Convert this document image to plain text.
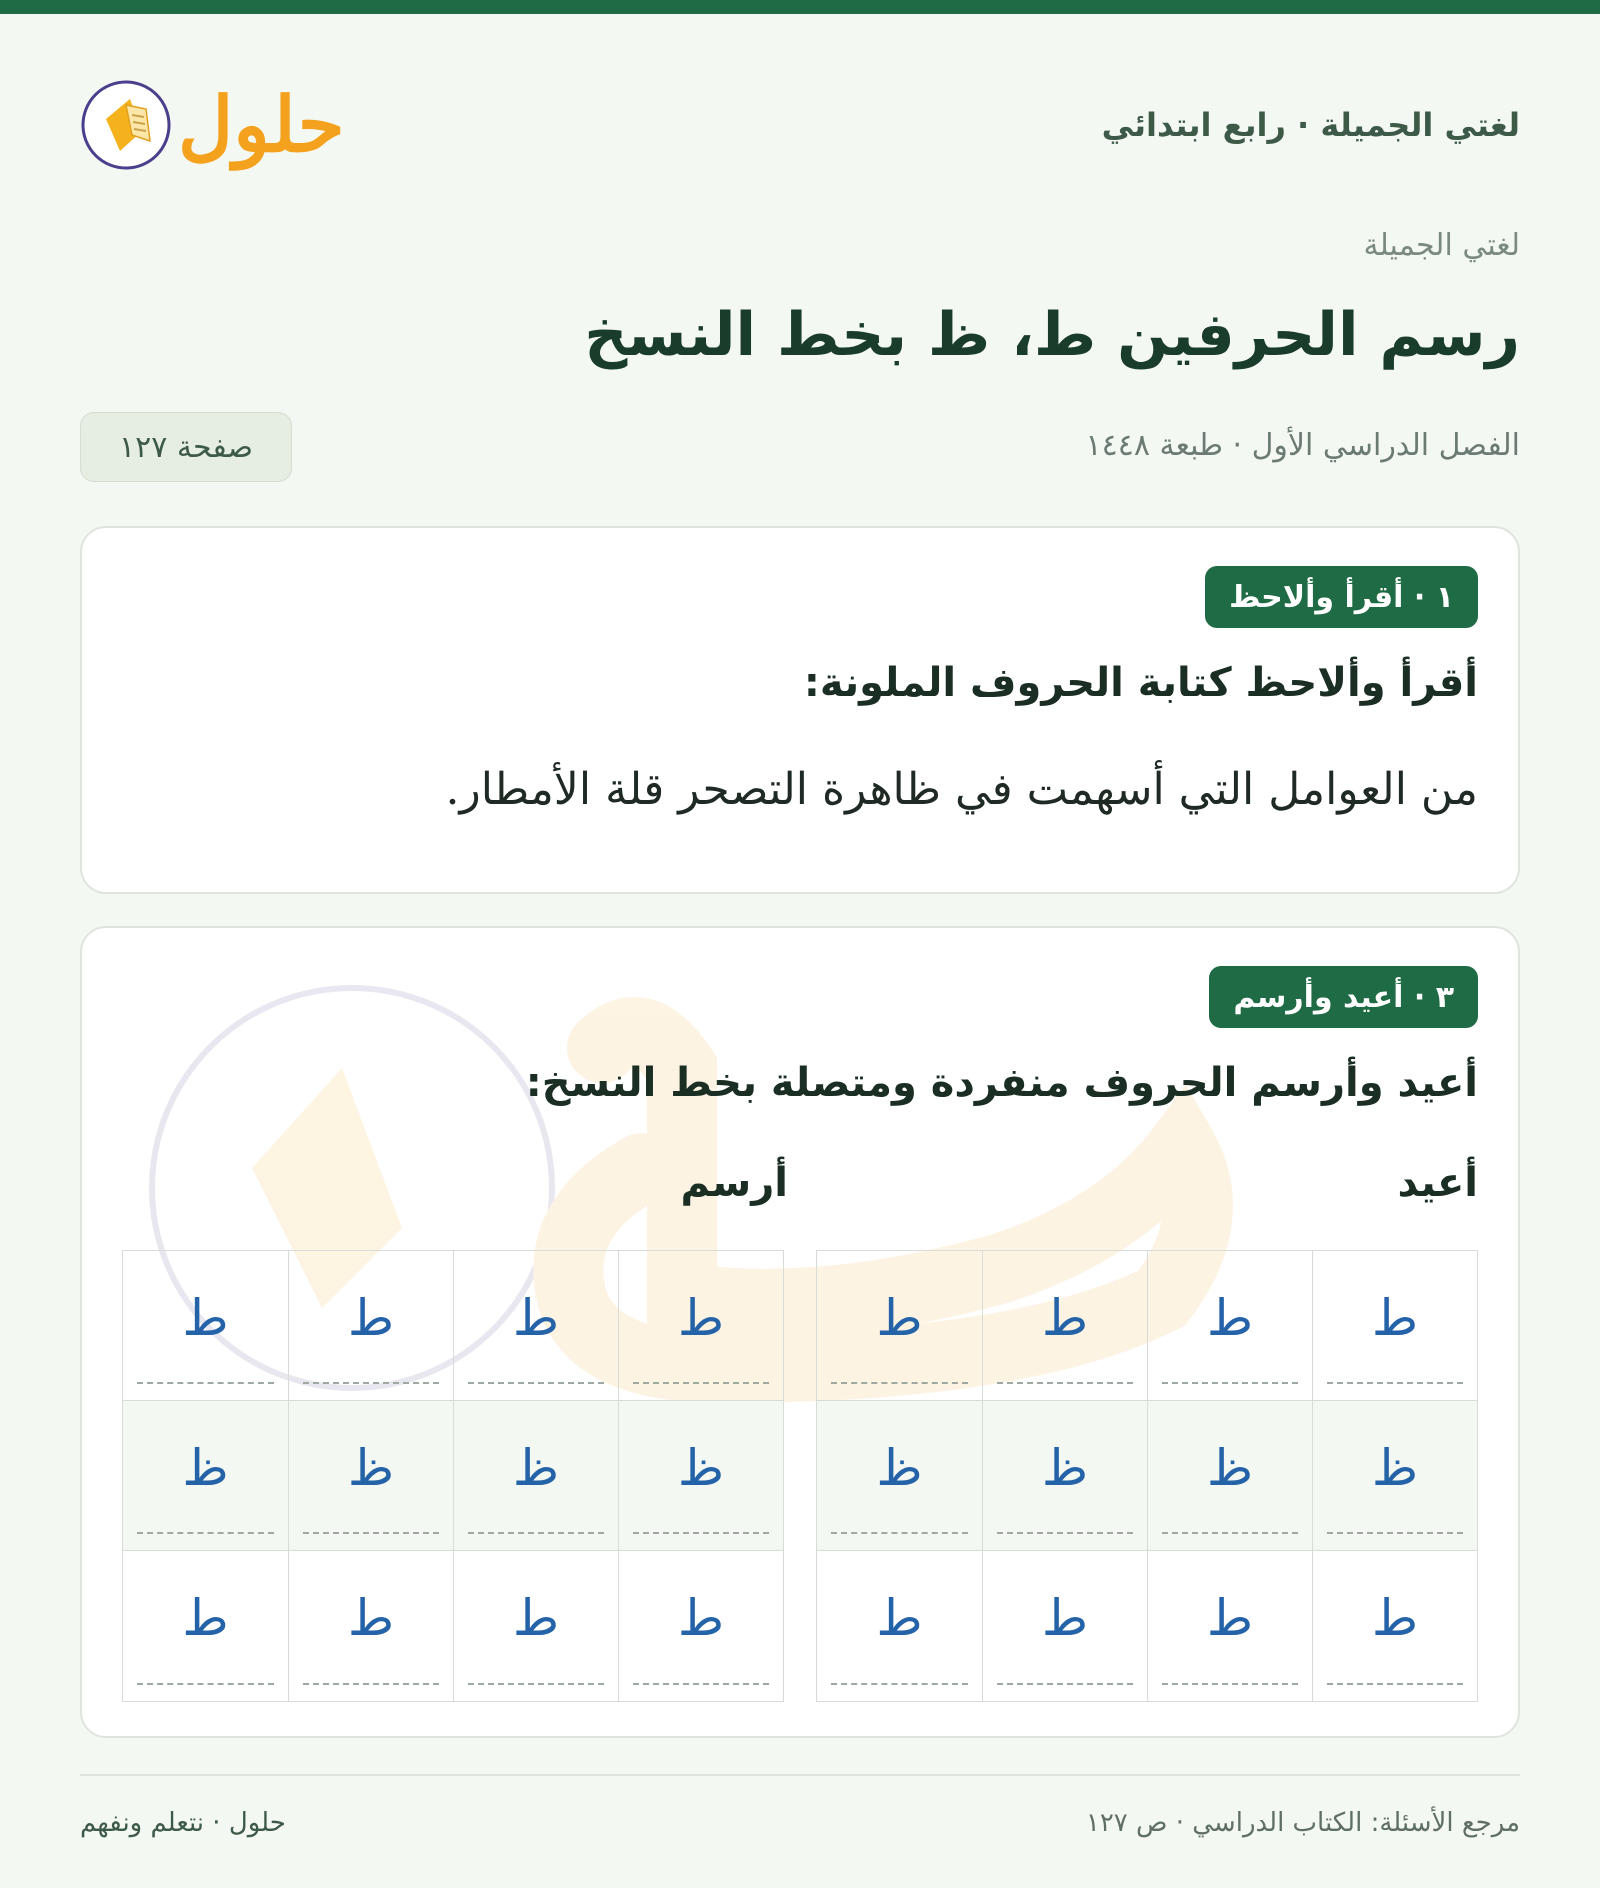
لغتي الجميلة · رابع ابتدائي
حلول
لغتي الجميلة
رسم الحرفين ط، ظ بخط النسخ
الفصل الدراسي الأول · طبعة ١٤٤٨
صفحة ١٢٧
١ · أقرأ وألاحظ
أقرأ وألاحظ كتابة الحروف الملونة:

من العوامل التي أسهمت في ظاهرة التصحر قلة الأمطار.

٣ · أعيد وأرسم
أعيد وأرسم الحروف منفردة ومتصلة بخط النسخ:
أعيد
أرسم
ط
ط
ط
ط
ظ
ظ
ظ
ظ
ط
ط
ط
ط
ط
ط
ط
ط
ظ
ظ
ظ
ظ
ط
ط
ط
ط
مرجع الأسئلة: الكتاب الدراسي · ص ١٢٧
حلول · نتعلم ونفهم
